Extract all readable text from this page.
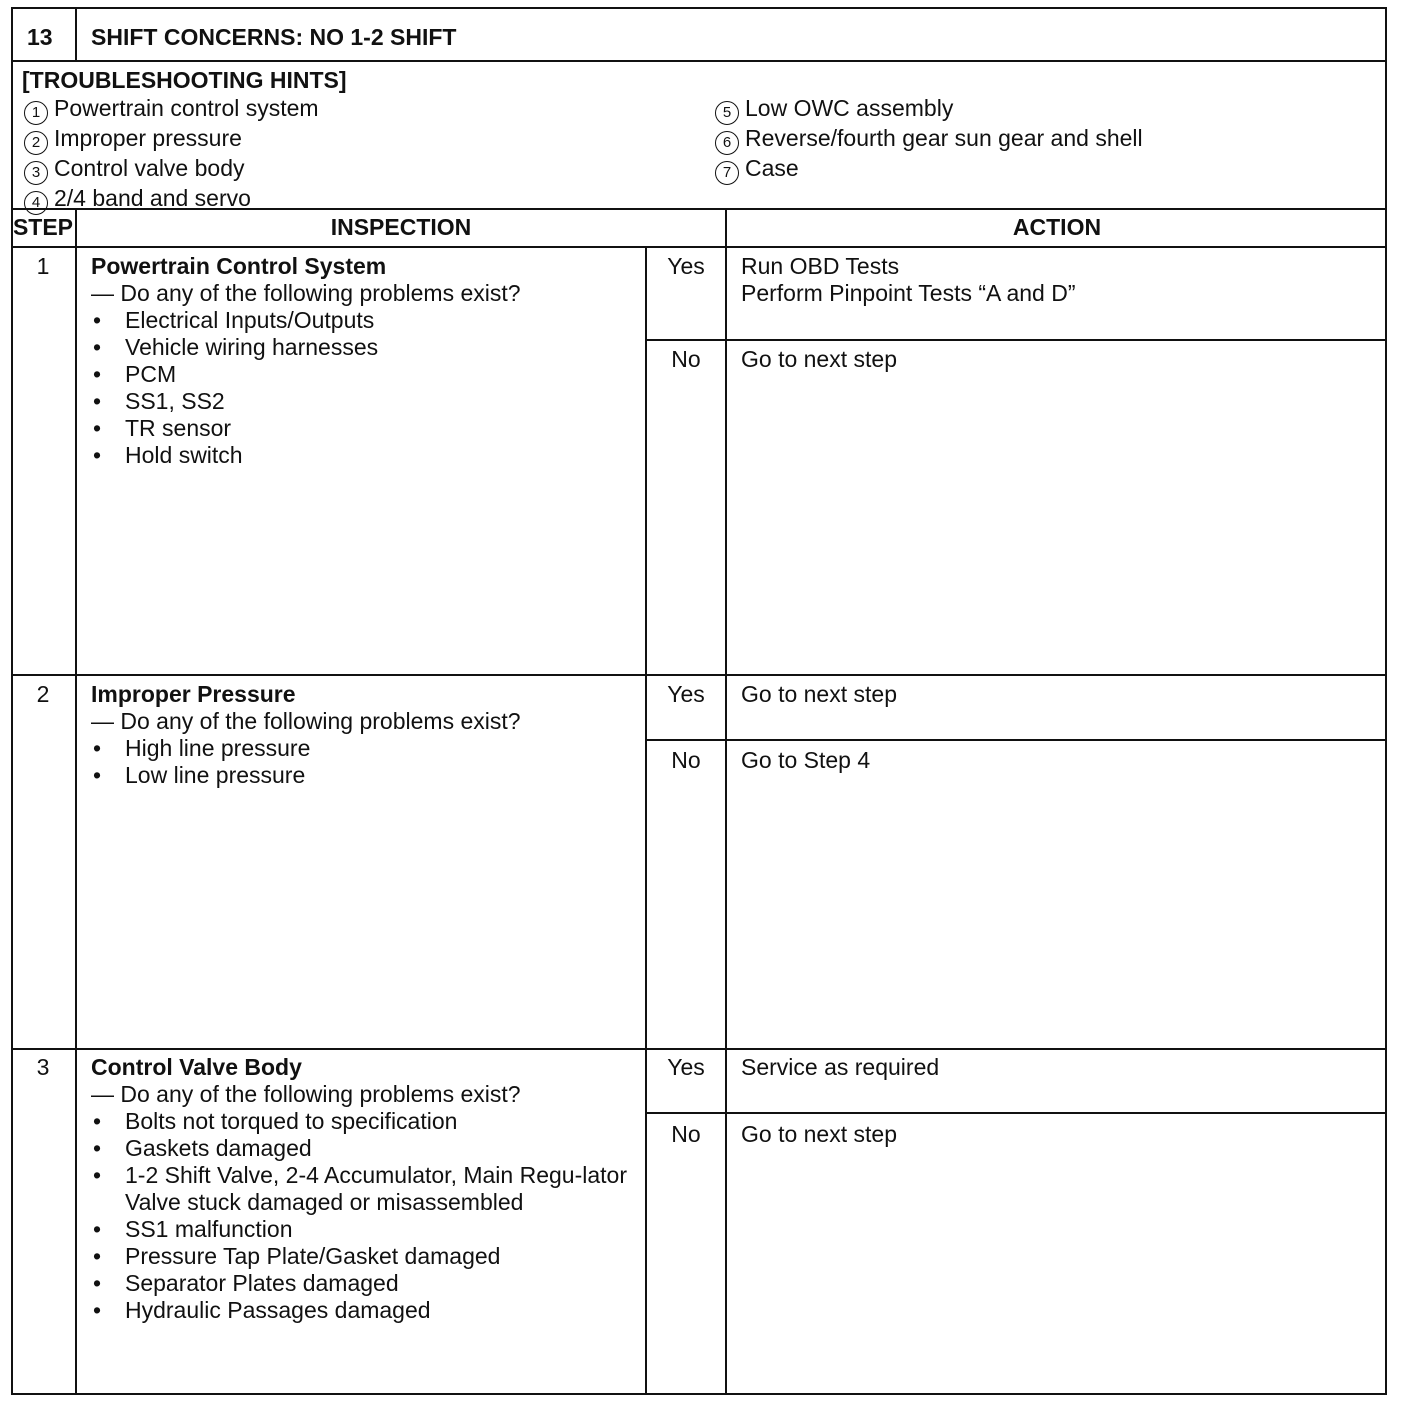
13 SHIFT CONCERNS: NO 1-2 SHIFT
[TROUBLESHOOTING HINTS]
1 Powertrain control system
2 Improper pressure
3 Control valve body
4 2/4 band and servo
5 Low OWC assembly
6 Reverse/fourth gear sun gear and shell
7 Case
STEP	INSPECTION	ACTION
1	Powertrain Control System
— Do any of the following problems exist?
• Electrical Inputs/Outputs
• Vehicle wiring harnesses
• PCM
• SS1, SS2
• TR sensor
• Hold switch
Yes	Run OBD Tests
Perform Pinpoint Tests “A and D”
No	Go to next step
2	Improper Pressure
— Do any of the following problems exist?
• High line pressure
• Low line pressure
Yes	Go to next step
No	Go to Step 4
3	Control Valve Body
— Do any of the following problems exist?
• Bolts not torqued to specification
• Gaskets damaged
• 1-2 Shift Valve, 2-4 Accumulator, Main Regu-lator Valve stuck damaged or misassembled
• SS1 malfunction
• Pressure Tap Plate/Gasket damaged
• Separator Plates damaged
• Hydraulic Passages damaged
Yes	Service as required
No	Go to next step
